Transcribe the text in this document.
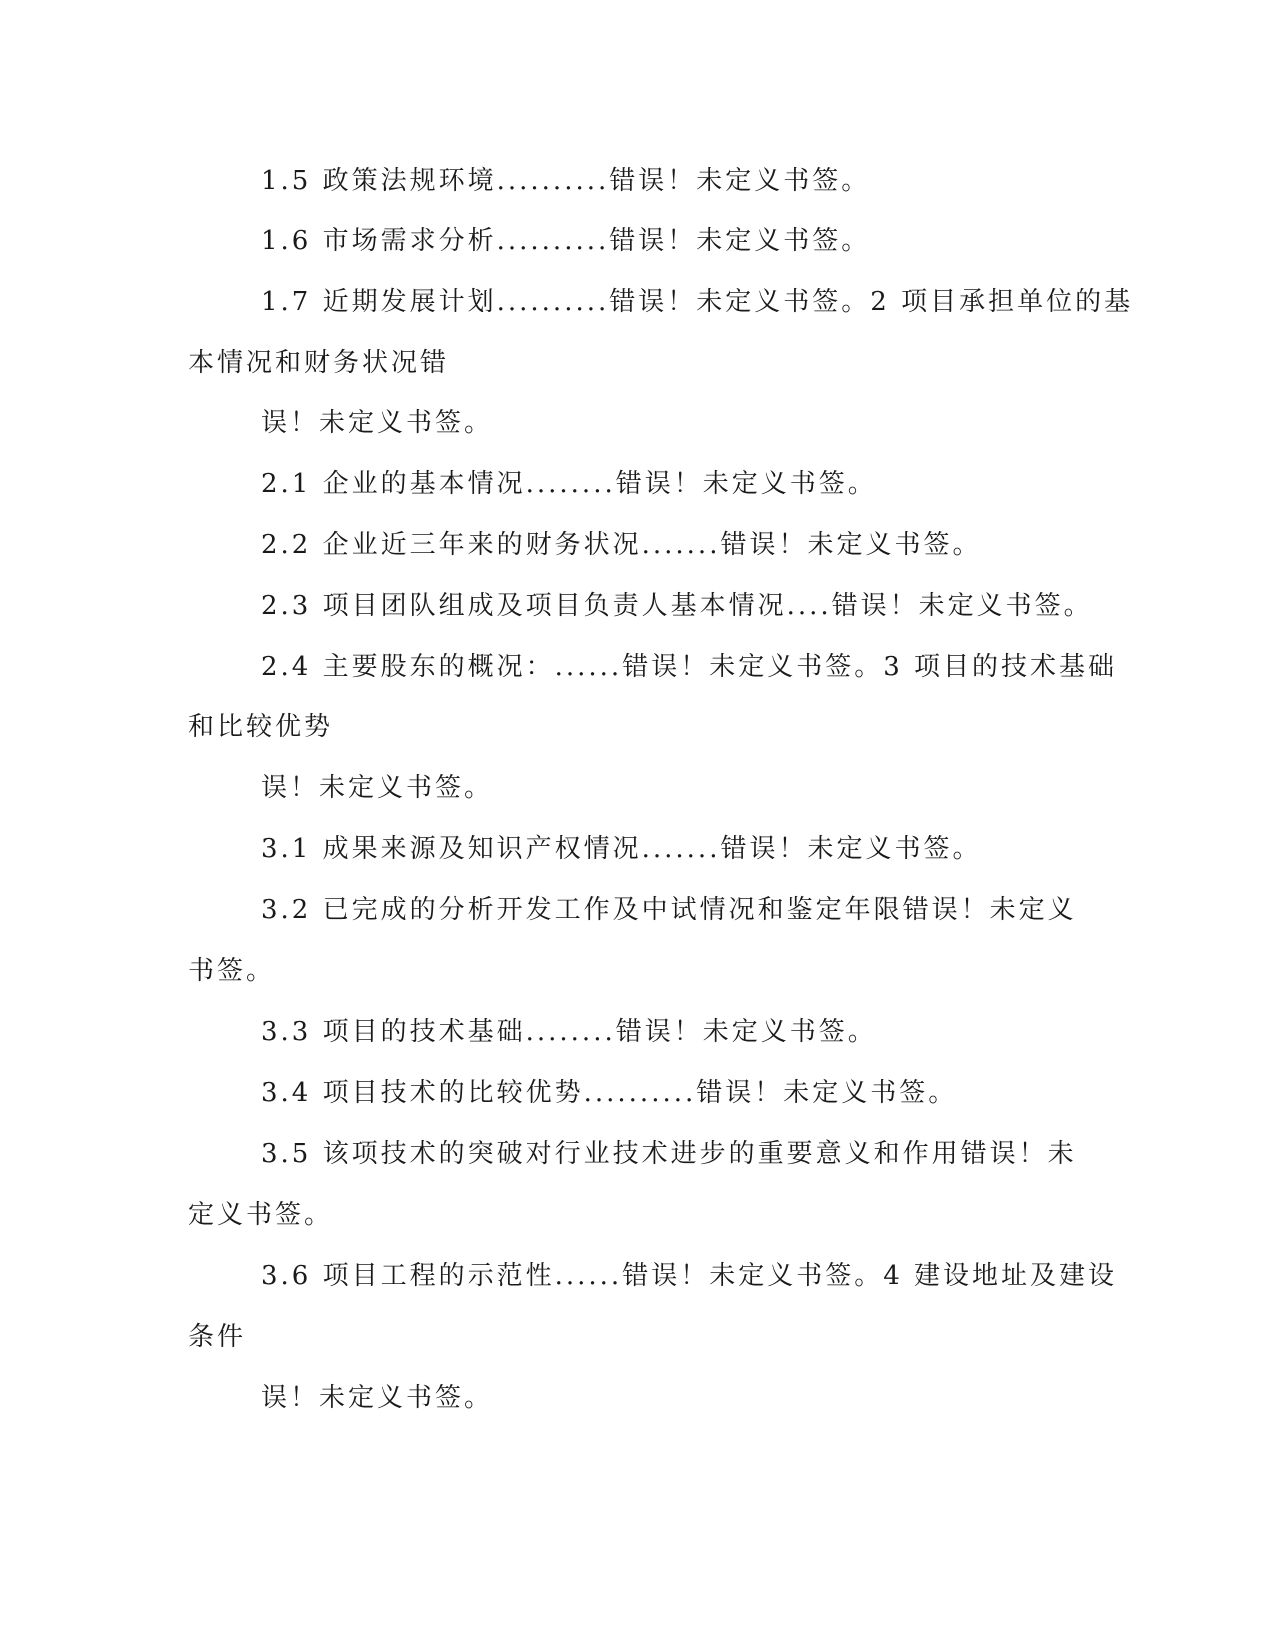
1.5 政策法规环境..........错误！未定义书签。

1.6 市场需求分析..........错误！未定义书签。

1.7 近期发展计划..........错误！未定义书签。2 项目承担单位的基

本情况和财务状况错

误！未定义书签。

2.1 企业的基本情况........错误！未定义书签。

2.2 企业近三年来的财务状况.......错误！未定义书签。

2.3 项目团队组成及项目负责人基本情况....错误！未定义书签。

2.4 主要股东的概况：......错误！未定义书签。3 项目的技术基础

和比较优势

误！未定义书签。

3.1 成果来源及知识产权情况.......错误！未定义书签。

3.2 已完成的分析开发工作及中试情况和鉴定年限错误！未定义

书签。

3.3 项目的技术基础........错误！未定义书签。

3.4 项目技术的比较优势..........错误！未定义书签。

3.5 该项技术的突破对行业技术进步的重要意义和作用错误！未

定义书签。

3.6 项目工程的示范性......错误！未定义书签。4 建设地址及建设

条件

误！未定义书签。
